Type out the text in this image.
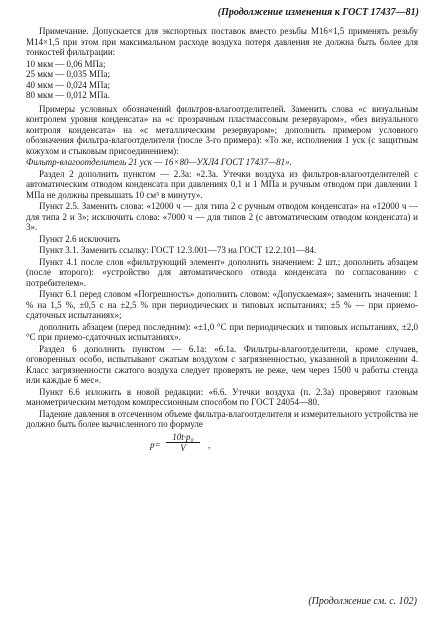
(Продолжение изменения к ГОСТ 17437—81)

Примечание. Допускается для экспортных поставок вместо резьбы М16×1,5 применять резьбу М14×1,5 при этом при максимальном расходе воздуха потеря давления не должна быть более для тонкостей фильтрации:

10 мкм — 0,06 МПа;
25 мкм — 0,035 МПа;
40 мкм — 0,024 МПа;
80 мкм — 0,012 МПа.

Примеры условных обозначений фильтров-влагоотделителей. Заменить слова «с визуальным контролем уровня конденсата» на «с прозрачным пластмассовым резервуаром», «без визуального контроля конденсата» на «с металлическим резервуаром»; дополнить примером условного обозначения фильтра-влагоотделителя (после 3-го примера): «То же, исполнения 1 уск (с защитным кожухом и стыковым присоединением):

Фильтр-влагоотделитель 21 уск — 16×80—УХЛ4 ГОСТ 17437—81».

Раздел 2 дополнить пунктом — 2.3а: «2.3а. Утечки воздуха из фильтров-влагоотделителей с автоматическим отводом конденсата при давлениях 0,1 и 1 МПа и ручным отводом при давлении 1 МПа не должны превышать 10 см³ в минуту».

Пункт 2.5. Заменить слова: «12000 ч — для типа 2 с ручным отводом конденсата» на «12000 ч — для типа 2 и 3»; исключить слова: «7000 ч — для типов 2 (с автоматическим отводом конденсата) и 3».

Пункт 2.6 исключить

Пункт 3.1. Заменить ссылку: ГОСТ 12.3.001—73 на ГОСТ 12.2.101—84.

Пункт 4.1 после слов «фильтрующий элемент» дополнить значением: 2 шт.; дополнить абзацем (после второго): «устройство для автоматического отвода конденсата по согласованию с потребителем».

Пункт 6.1 перед словом «Погрешность» дополнить словом: «Допускаемая»; заменить значения: 1 % на 1,5 %, ±0,5 с на ±2,5 % при периодических и типовых испытаниях; ±5 % — при приемо-сдаточных испытаниях»;

дополнить абзацем (перед последним): «±1,0 °С при периодических и типовых испытаниях, ±2,0 °С при приемо-сдаточных испытаниях».

Раздел 6 дополнить пунктом — 6.1а: «6.1а. Фильтры-влагоотделители, кроме случаев, оговоренных особо, испытывают сжатым воздухом с загрязненностью, указанной в приложении 4. Класс загрязненности сжатого воздуха следует проверять не реже, чем через 1500 ч работы стенда или каждые 6 мес».

Пункт 6.6 изложить в новой редакции: «6.6. Утечки воздуха (п. 2.3а) проверяют газовым манометрическим методом компрессионным способом по ГОСТ 24054—80.

Падение давления в отсеченном объеме фильтра-влагоотделителя и измерительного устройства не должно быть более вычисленного по формуле

$p= \frac{\text{10t·p₀}}{V}$ ,
(Продолжение см. с. 102)
